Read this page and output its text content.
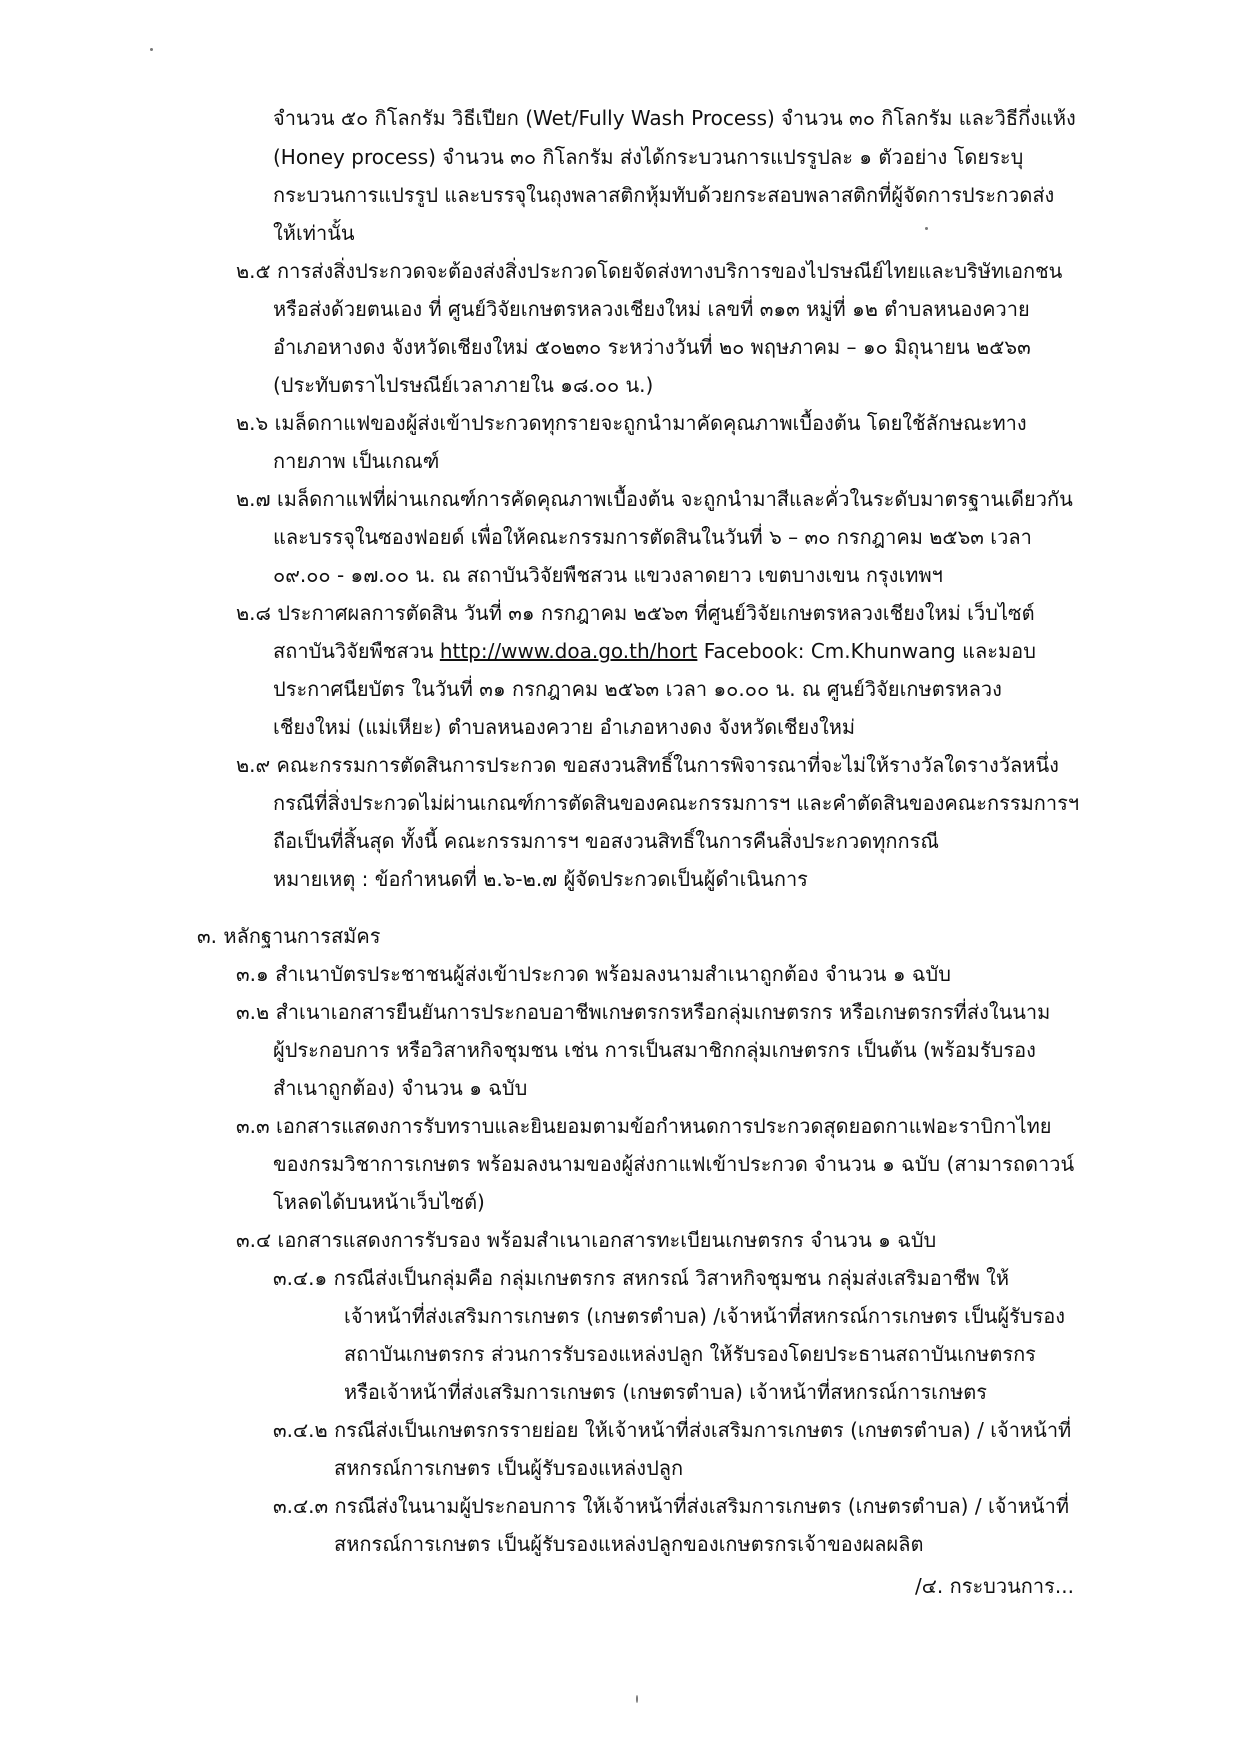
จำนวน ๕๐ กิโลกรัม วิธีเปียก (Wet/Fully Wash Process) จำนวน ๓๐ กิโลกรัม และวิธีกึ่งแห้ง
(Honey process) จำนวน ๓๐ กิโลกรัม ส่งได้กระบวนการแปรรูปละ ๑ ตัวอย่าง โดยระบุ
กระบวนการแปรรูป และบรรจุในถุงพลาสติกหุ้มทับด้วยกระสอบพลาสติกที่ผู้จัดการประกวดส่ง
ให้เท่านั้น
๒.๕ การส่งสิ่งประกวดจะต้องส่งสิ่งประกวดโดยจัดส่งทางบริการของไปรษณีย์ไทยและบริษัทเอกชน
หรือส่งด้วยตนเอง ที่ ศูนย์วิจัยเกษตรหลวงเชียงใหม่ เลขที่ ๓๑๓ หมู่ที่ ๑๒ ตำบลหนองควาย
อำเภอหางดง จังหวัดเชียงใหม่ ๕๐๒๓๐ ระหว่างวันที่ ๒๐ พฤษภาคม – ๑๐ มิถุนายน ๒๕๖๓
(ประทับตราไปรษณีย์เวลาภายใน ๑๘.๐๐ น.)
๒.๖ เมล็ดกาแฟของผู้ส่งเข้าประกวดทุกรายจะถูกนำมาคัดคุณภาพเบื้องต้น โดยใช้ลักษณะทาง
กายภาพ เป็นเกณฑ์
๒.๗ เมล็ดกาแฟที่ผ่านเกณฑ์การคัดคุณภาพเบื้องต้น จะถูกนำมาสีและคั่วในระดับมาตรฐานเดียวกัน
และบรรจุในซองฟอยด์ เพื่อให้คณะกรรมการตัดสินในวันที่ ๖ – ๓๐ กรกฎาคม ๒๕๖๓ เวลา
๐๙.๐๐ - ๑๗.๐๐ น. ณ สถาบันวิจัยพืชสวน แขวงลาดยาว เขตบางเขน กรุงเทพฯ
๒.๘ ประกาศผลการตัดสิน วันที่ ๓๑ กรกฎาคม ๒๕๖๓ ที่ศูนย์วิจัยเกษตรหลวงเชียงใหม่ เว็บไซต์
สถาบันวิจัยพืชสวน http://www.doa.go.th/hort Facebook: Cm.Khunwang และมอบ
ประกาศนียบัตร ในวันที่ ๓๑ กรกฎาคม ๒๕๖๓ เวลา ๑๐.๐๐ น. ณ ศูนย์วิจัยเกษตรหลวง
เชียงใหม่ (แม่เหียะ) ตำบลหนองควาย อำเภอหางดง จังหวัดเชียงใหม่
๒.๙ คณะกรรมการตัดสินการประกวด ขอสงวนสิทธิ์ในการพิจารณาที่จะไม่ให้รางวัลใดรางวัลหนึ่ง
กรณีที่สิ่งประกวดไม่ผ่านเกณฑ์การตัดสินของคณะกรรมการฯ และคำตัดสินของคณะกรรมการฯ
ถือเป็นที่สิ้นสุด ทั้งนี้ คณะกรรมการฯ ขอสงวนสิทธิ์ในการคืนสิ่งประกวดทุกกรณี
หมายเหตุ : ข้อกำหนดที่ ๒.๖-๒.๗ ผู้จัดประกวดเป็นผู้ดำเนินการ
๓. หลักฐานการสมัคร
๓.๑ สำเนาบัตรประชาชนผู้ส่งเข้าประกวด พร้อมลงนามสำเนาถูกต้อง จำนวน ๑ ฉบับ
๓.๒ สำเนาเอกสารยืนยันการประกอบอาชีพเกษตรกรหรือกลุ่มเกษตรกร หรือเกษตรกรที่ส่งในนาม
ผู้ประกอบการ หรือวิสาหกิจชุมชน เช่น การเป็นสมาชิกกลุ่มเกษตรกร เป็นต้น (พร้อมรับรอง
สำเนาถูกต้อง) จำนวน ๑ ฉบับ
๓.๓ เอกสารแสดงการรับทราบและยินยอมตามข้อกำหนดการประกวดสุดยอดกาแฟอะราบิกาไทย
ของกรมวิชาการเกษตร พร้อมลงนามของผู้ส่งกาแฟเข้าประกวด จำนวน ๑ ฉบับ (สามารถดาวน์
โหลดได้บนหน้าเว็บไซต์)
๓.๔ เอกสารแสดงการรับรอง พร้อมสำเนาเอกสารทะเบียนเกษตรกร จำนวน ๑ ฉบับ
๓.๔.๑ กรณีส่งเป็นกลุ่มคือ กลุ่มเกษตรกร สหกรณ์ วิสาหกิจชุมชน กลุ่มส่งเสริมอาชีพ ให้
เจ้าหน้าที่ส่งเสริมการเกษตร (เกษตรตำบล) /เจ้าหน้าที่สหกรณ์การเกษตร เป็นผู้รับรอง
สถาบันเกษตรกร ส่วนการรับรองแหล่งปลูก ให้รับรองโดยประธานสถาบันเกษตรกร
หรือเจ้าหน้าที่ส่งเสริมการเกษตร (เกษตรตำบล) เจ้าหน้าที่สหกรณ์การเกษตร
๓.๔.๒ กรณีส่งเป็นเกษตรกรรายย่อย ให้เจ้าหน้าที่ส่งเสริมการเกษตร (เกษตรตำบล) / เจ้าหน้าที่
สหกรณ์การเกษตร เป็นผู้รับรองแหล่งปลูก
๓.๔.๓ กรณีส่งในนามผู้ประกอบการ ให้เจ้าหน้าที่ส่งเสริมการเกษตร (เกษตรตำบล) / เจ้าหน้าที่
สหกรณ์การเกษตร เป็นผู้รับรองแหล่งปลูกของเกษตรกรเจ้าของผลผลิต
/๔. กระบวนการ...
